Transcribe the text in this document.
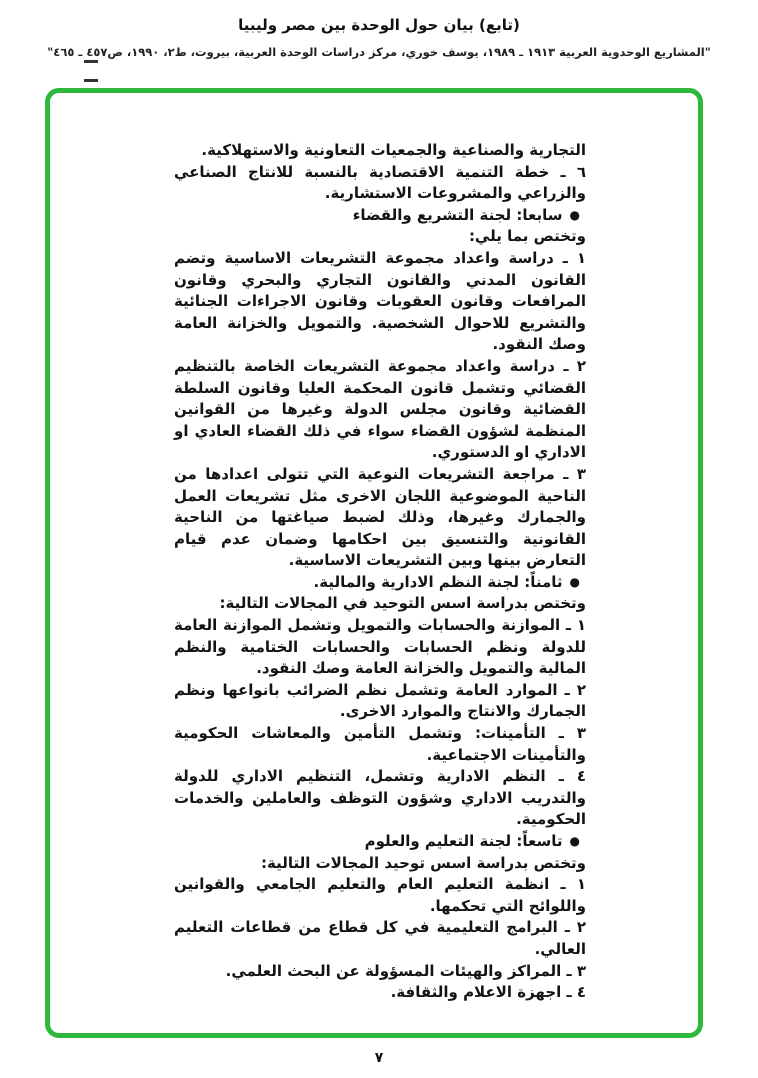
(تابع) بيان حول الوحدة بين مصر وليبيا
"المشاريع الوحدوية العربية ١٩١٣ ـ ١٩٨٩، يوسف خوري، مركز دراسات الوحدة العربية، بيروت، ط٢، ١٩٩٠، ص٤٥٧ ـ ٤٦٥"

التجارية والصناعية والجمعيات التعاونية والاستهلاكية.

٦ ـ خطة التنمية الاقتصادية بالنسبة للانتاج الصناعي والزراعي والمشروعات الاستشارية.

●سابعا: لجنة التشريع والقضاء

وتختص بما يلي:

١ ـ دراسة واعداد مجموعة التشريعات الاساسية وتضم القانون المدني والقانون التجاري والبحري وقانون المرافعات وقانون العقوبات وقانون الاجراءات الجنائية والتشريع للاحوال الشخصية. والتمويل والخزانة العامة وصك النقود.

٢ ـ دراسة واعداد مجموعة التشريعات الخاصة بالتنظيم القضائي وتشمل قانون المحكمة العليا وقانون السلطة القضائية وقانون مجلس الدولة وغيرها من القوانين المنظمة لشؤون القضاء سواء في ذلك القضاء العادي او الاداري او الدستوري.

٣ ـ مراجعة التشريعات النوعية التي تتولى اعدادها من الناحية الموضوعية اللجان الاخرى مثل تشريعات العمل والجمارك وغيرها، وذلك لضبط صياغتها من الناحية القانونية والتنسيق بين احكامها وضمان عدم قيام التعارض بينها وبين التشريعات الاساسية.

●ثامناً: لجنة النظم الادارية والمالية.

وتختص بدراسة اسس التوحيد في المجالات التالية:

١ ـ الموازنة والحسابات والتمويل وتشمل الموازنة العامة للدولة ونظم الحسابات والحسابات الختامية والنظم المالية والتمويل والخزانة العامة وصك النقود.

٢ ـ الموارد العامة وتشمل نظم الضرائب بانواعها ونظم الجمارك والانتاج والموارد الاخرى.

٣ ـ التأمينات: وتشمل التأمين والمعاشات الحكومية والتأمينات الاجتماعية.

٤ ـ النظم الادارية وتشمل، التنظيم الاداري للدولة والتدريب الاداري وشؤون التوظف والعاملين والخدمات الحكومية.

●تاسعاً: لجنة التعليم والعلوم

وتختص بدراسة اسس توحيد المجالات التالية:

١ ـ انظمة التعليم العام والتعليم الجامعي والقوانين واللوائح التي تحكمها.

٢ ـ البرامج التعليمية في كل قطاع من قطاعات التعليم العالي.

٣ ـ المراكز والهيئات المسؤولة عن البحث العلمي.

٤ ـ اجهزة الاعلام والثقافة.

٧
